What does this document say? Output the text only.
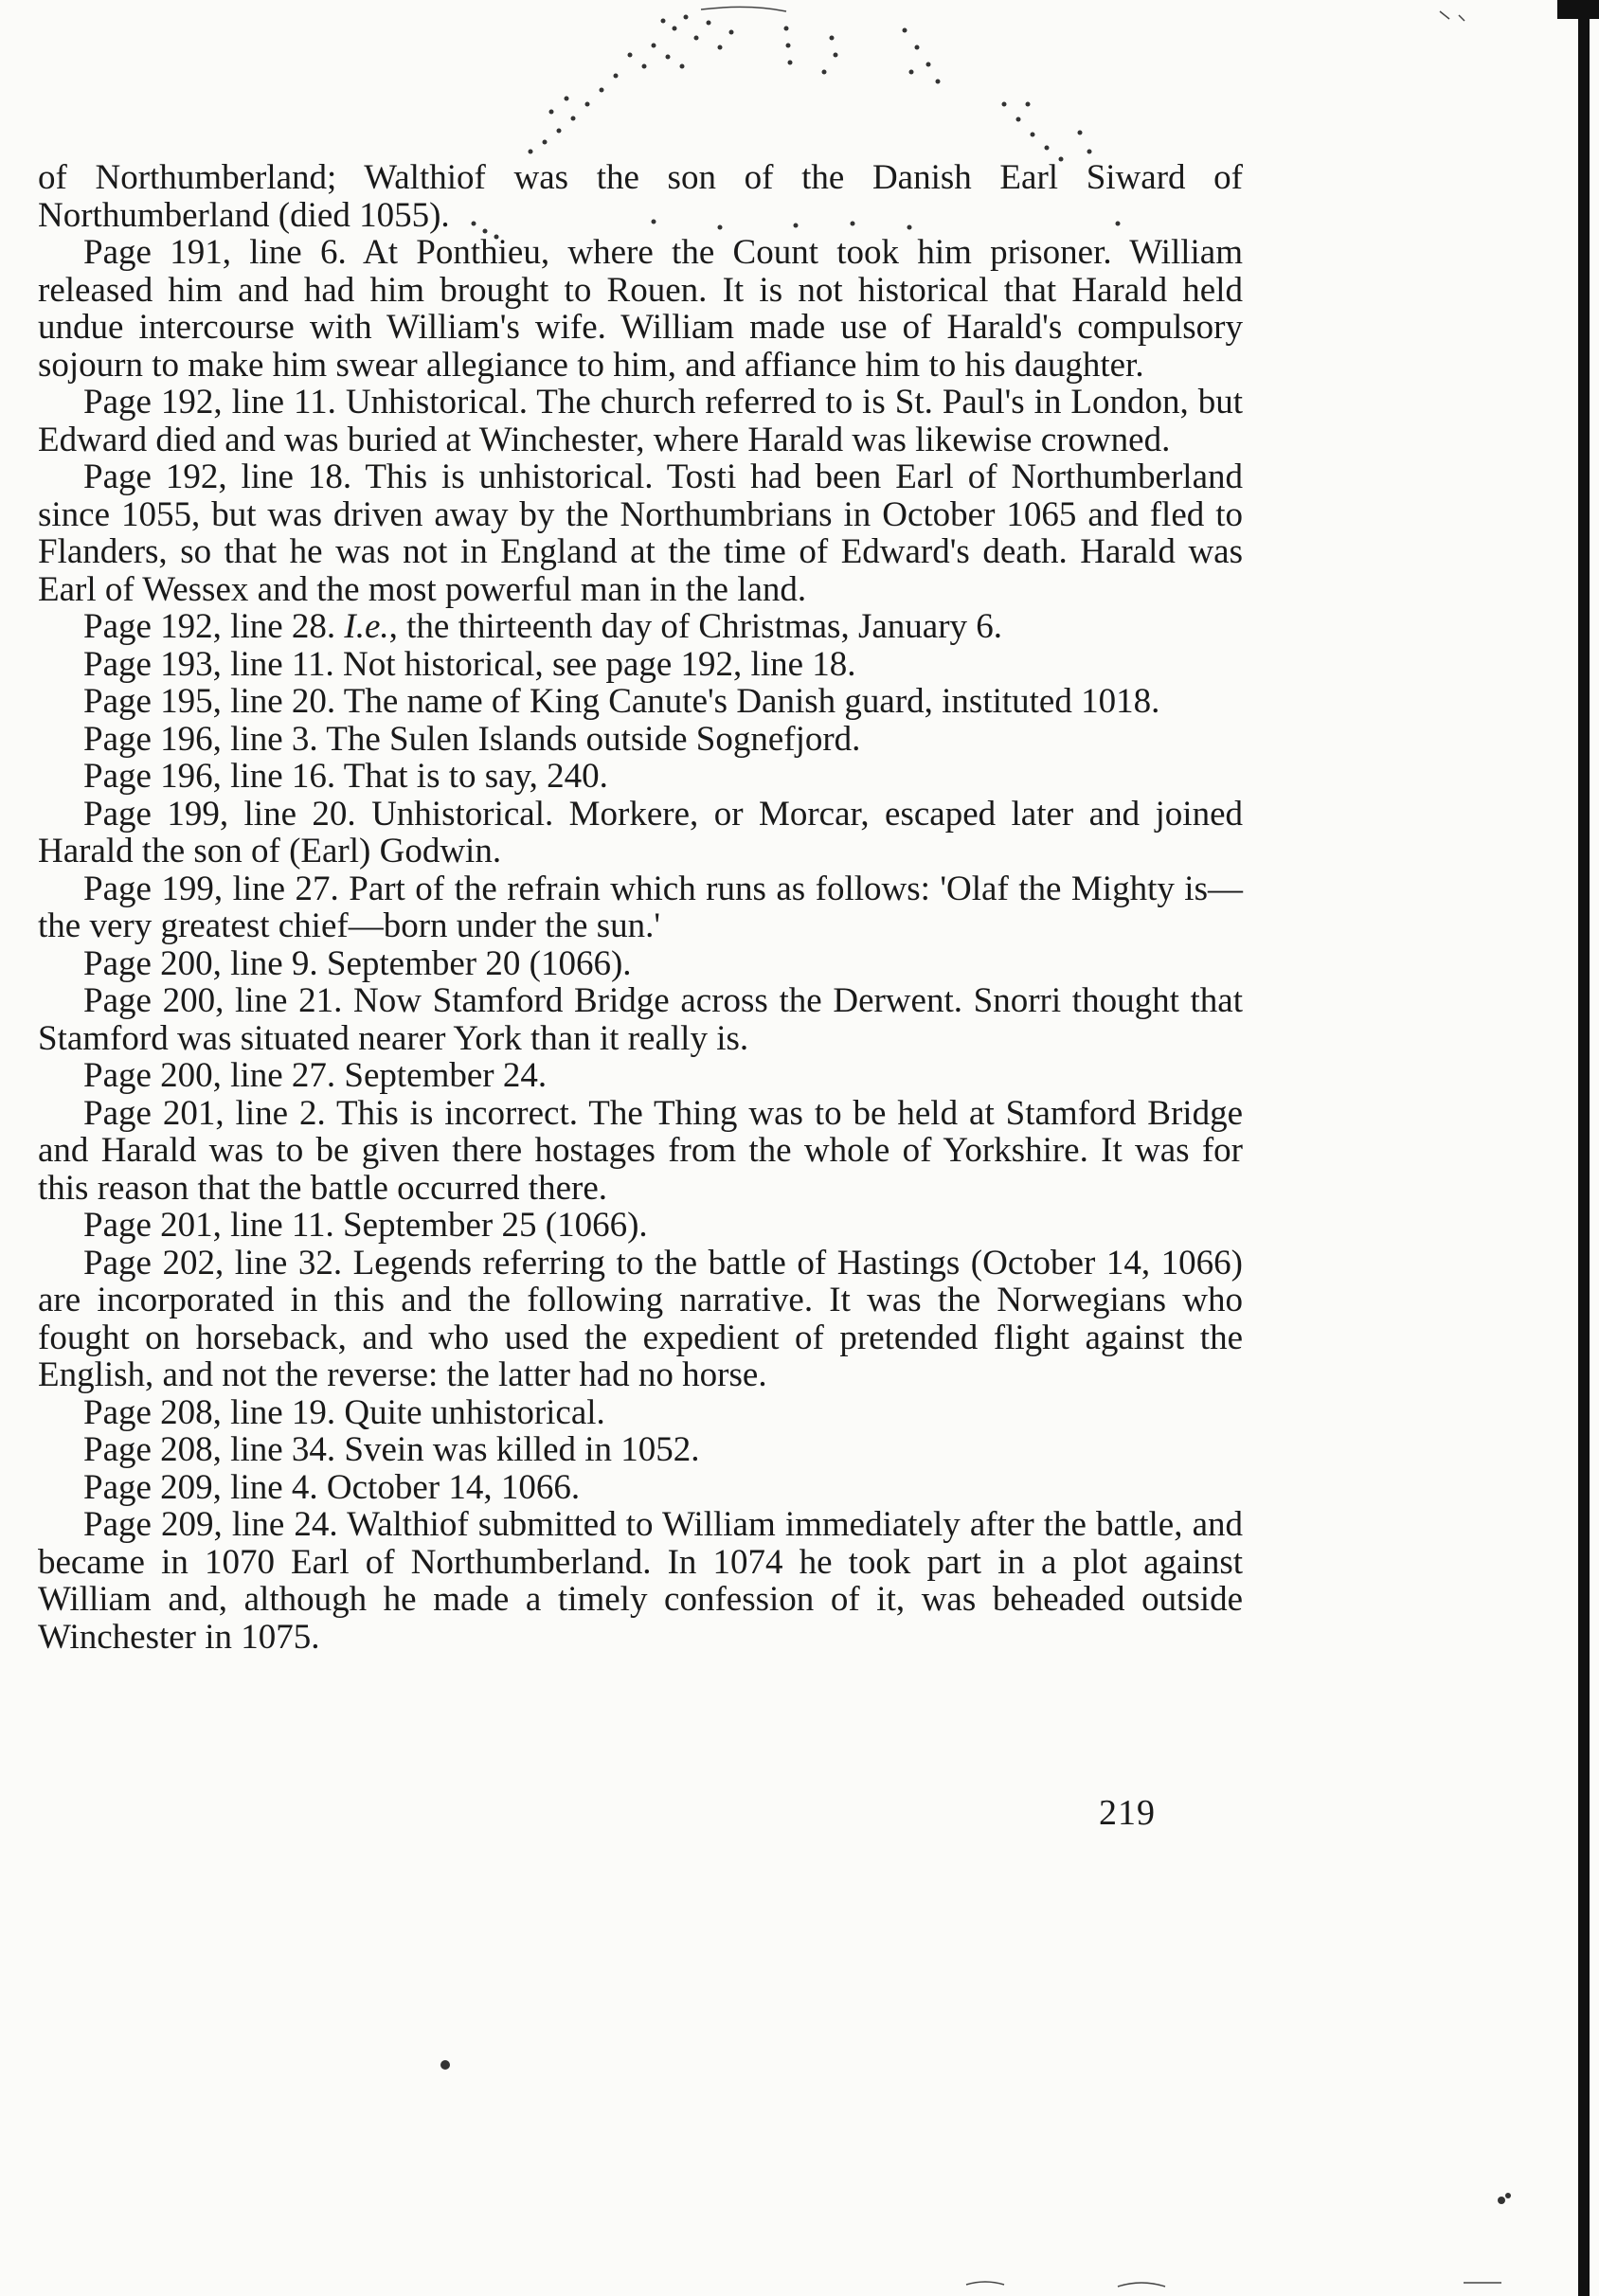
of Northumberland; Walthiof was the son of the Danish Earl Siward of Northumberland (died 1055).

Page 191, line 6. At Ponthieu, where the Count took him prisoner. William released him and had him brought to Rouen. It is not historical that Harald held undue intercourse with William's wife. William made use of Harald's compulsory sojourn to make him swear allegiance to him, and affiance him to his daughter.

Page 192, line 11. Unhistorical. The church referred to is St. Paul's in London, but Edward died and was buried at Winchester, where Harald was likewise crowned.

Page 192, line 18. This is unhistorical. Tosti had been Earl of Northumberland since 1055, but was driven away by the Northumbrians in October 1065 and fled to Flanders, so that he was not in England at the time of Edward's death. Harald was Earl of Wessex and the most powerful man in the land.

Page 192, line 28. I.e., the thirteenth day of Christmas, January 6.

Page 193, line 11. Not historical, see page 192, line 18.

Page 195, line 20. The name of King Canute's Danish guard, instituted 1018.

Page 196, line 3. The Sulen Islands outside Sognefjord.

Page 196, line 16. That is to say, 240.

Page 199, line 20. Unhistorical. Morkere, or Morcar, escaped later and joined Harald the son of (Earl) Godwin.

Page 199, line 27. Part of the refrain which runs as follows: 'Olaf the Mighty is—the very greatest chief—born under the sun.'

Page 200, line 9. September 20 (1066).

Page 200, line 21. Now Stamford Bridge across the Derwent. Snorri thought that Stamford was situated nearer York than it really is.

Page 200, line 27. September 24.

Page 201, line 2. This is incorrect. The Thing was to be held at Stamford Bridge and Harald was to be given there hostages from the whole of Yorkshire. It was for this reason that the battle occurred there.

Page 201, line 11. September 25 (1066).

Page 202, line 32. Legends referring to the battle of Hastings (October 14, 1066) are incorporated in this and the following narrative. It was the Norwegians who fought on horseback, and who used the expedient of pretended flight against the English, and not the reverse: the latter had no horse.

Page 208, line 19. Quite unhistorical.

Page 208, line 34. Svein was killed in 1052.

Page 209, line 4. October 14, 1066.

Page 209, line 24. Walthiof submitted to William immediately after the battle, and became in 1070 Earl of Northumberland. In 1074 he took part in a plot against William and, although he made a timely confession of it, was beheaded outside Winchester in 1075.

219
